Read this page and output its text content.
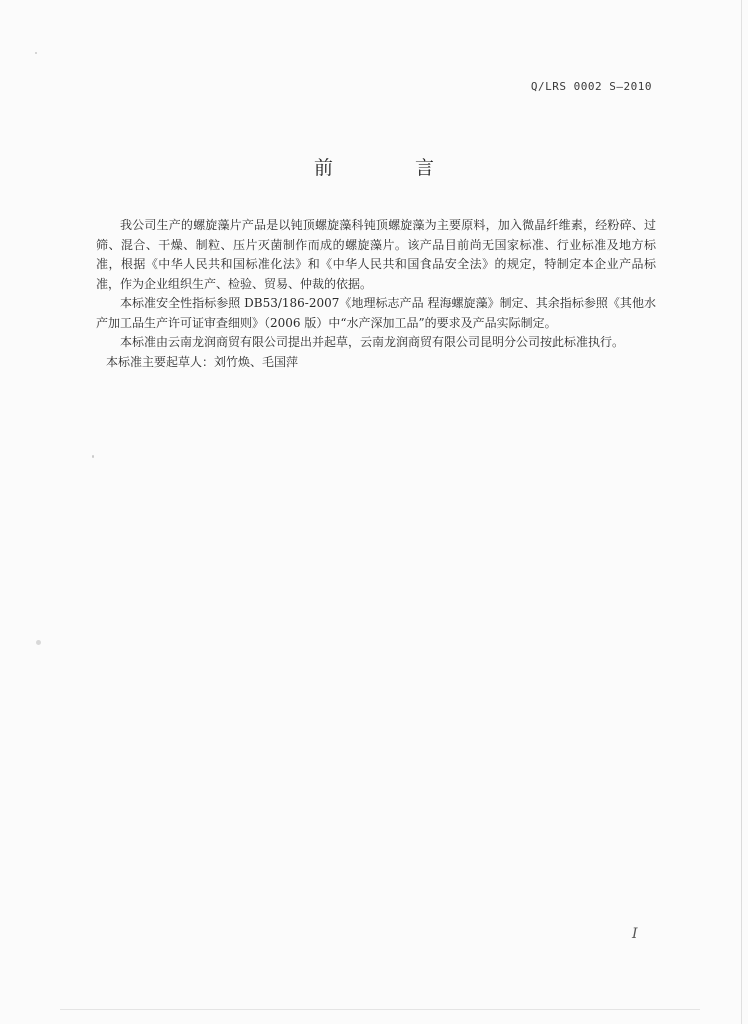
Q/LRS 0002 S—2010
前 言

我公司生产的螺旋藻片产品是以钝顶螺旋藻科钝顶螺旋藻为主要原料，加入微晶纤维素，经粉碎、过筛、混合、干燥、制粒、压片灭菌制作而成的螺旋藻片。该产品目前尚无国家标准、行业标准及地方标准，根据《中华人民共和国标准化法》和《中华人民共和国食品安全法》的规定，特制定本企业产品标准，作为企业组织生产、检验、贸易、仲裁的依据。

本标准安全性指标参照 DB53/186-2007《地理标志产品 程海螺旋藻》制定、其余指标参照《其他水产加工品生产许可证审查细则》（2006 版）中“水产深加工品”的要求及产品实际制定。

本标准由云南龙润商贸有限公司提出并起草，云南龙润商贸有限公司昆明分公司按此标准执行。

本标准主要起草人：刘竹焕、毛国萍

I
